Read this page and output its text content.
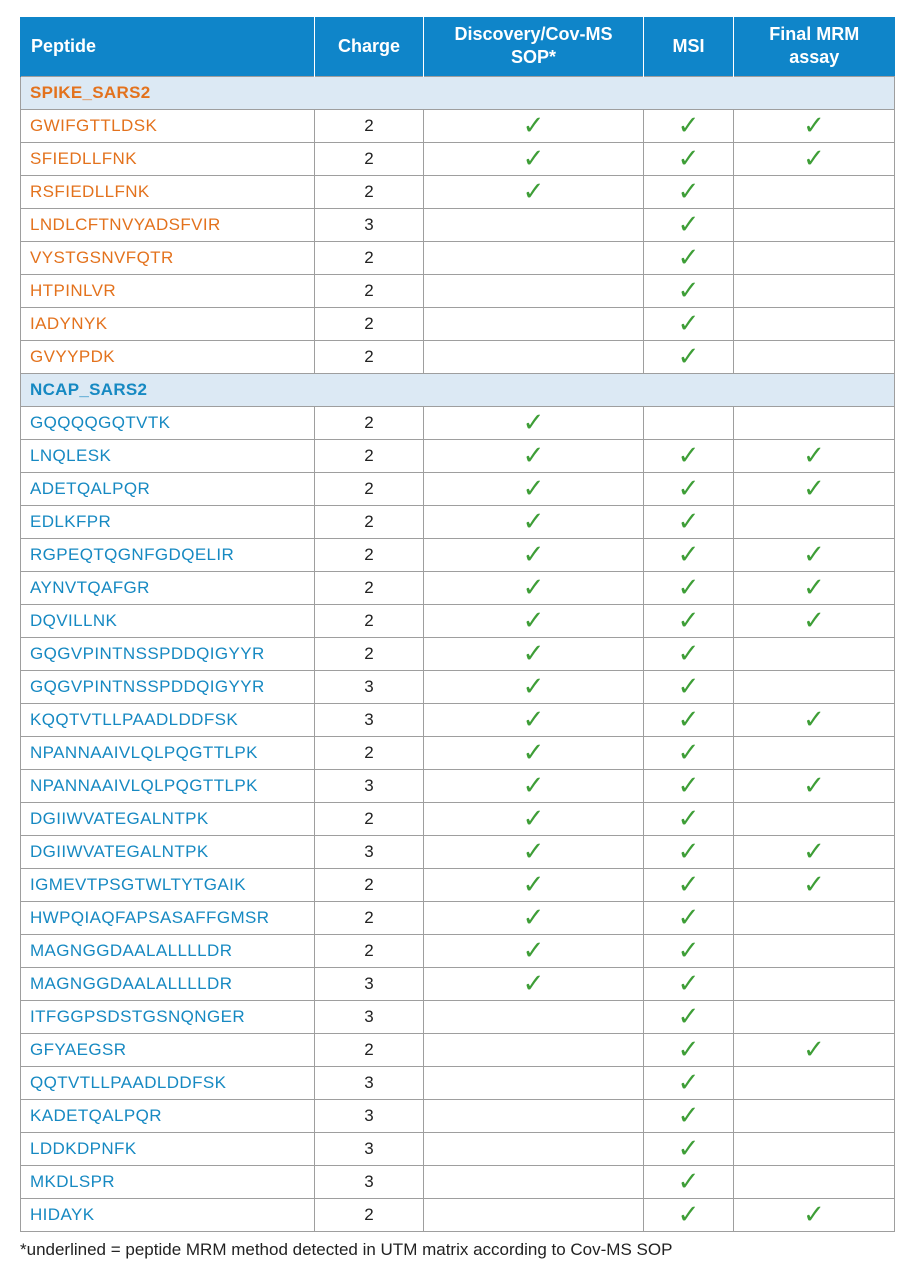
Peptide	Charge	Discovery/Cov-MS SOP*	MSI	Final MRM assay

SPIKE_SARS2				
GWIFGTTLDSK	2	✓	✓	✓
SFIEDLLFNK	2	✓	✓	✓
RSFIEDLLFNK	2	✓	✓	
LNDLCFTNVYADSFVIR	3		✓	
VYSTGSNVFQTR	2		✓	
HTPINLVR	2		✓	
IADYNYK	2		✓	
GVYYPDK	2		✓	
NCAP_SARS2				
GQQQQGQTVTK	2	✓		
LNQLESK	2	✓	✓	✓
ADETQALPQR	2	✓	✓	✓
EDLKFPR	2	✓	✓	
RGPEQTQGNFGDQELIR	2	✓	✓	✓
AYNVTQAFGR	2	✓	✓	✓
DQVILLNK	2	✓	✓	✓
GQGVPINTNSSPDDQIGYYR	2	✓	✓	
GQGVPINTNSSPDDQIGYYR	3	✓	✓	
KQQTVTLLPAADLDDFSK	3	✓	✓	✓
NPANNAAIVLQLPQGTTLPK	2	✓	✓	
NPANNAAIVLQLPQGTTLPK	3	✓	✓	✓
DGIIWVATEGALNTPK	2	✓	✓	
DGIIWVATEGALNTPK	3	✓	✓	✓
IGMEVTPSGTWLTYTGAIK	2	✓	✓	✓
HWPQIAQFAPSASAFFGMSR	2	✓	✓	
MAGNGGDAALALLLLDR	2	✓	✓	
MAGNGGDAALALLLLDR	3	✓	✓	
ITFGGPSDSTGSNQNGER	3		✓	
GFYAEGSR	2		✓	✓
QQTVTLLPAADLDDFSK	3		✓	
KADETQALPQR	3		✓	
LDDKDPNFK	3		✓	
MKDLSPR	3		✓	
HIDAYK	2		✓	✓
*underlined = peptide MRM method detected in UTM matrix according to Cov-MS SOP
